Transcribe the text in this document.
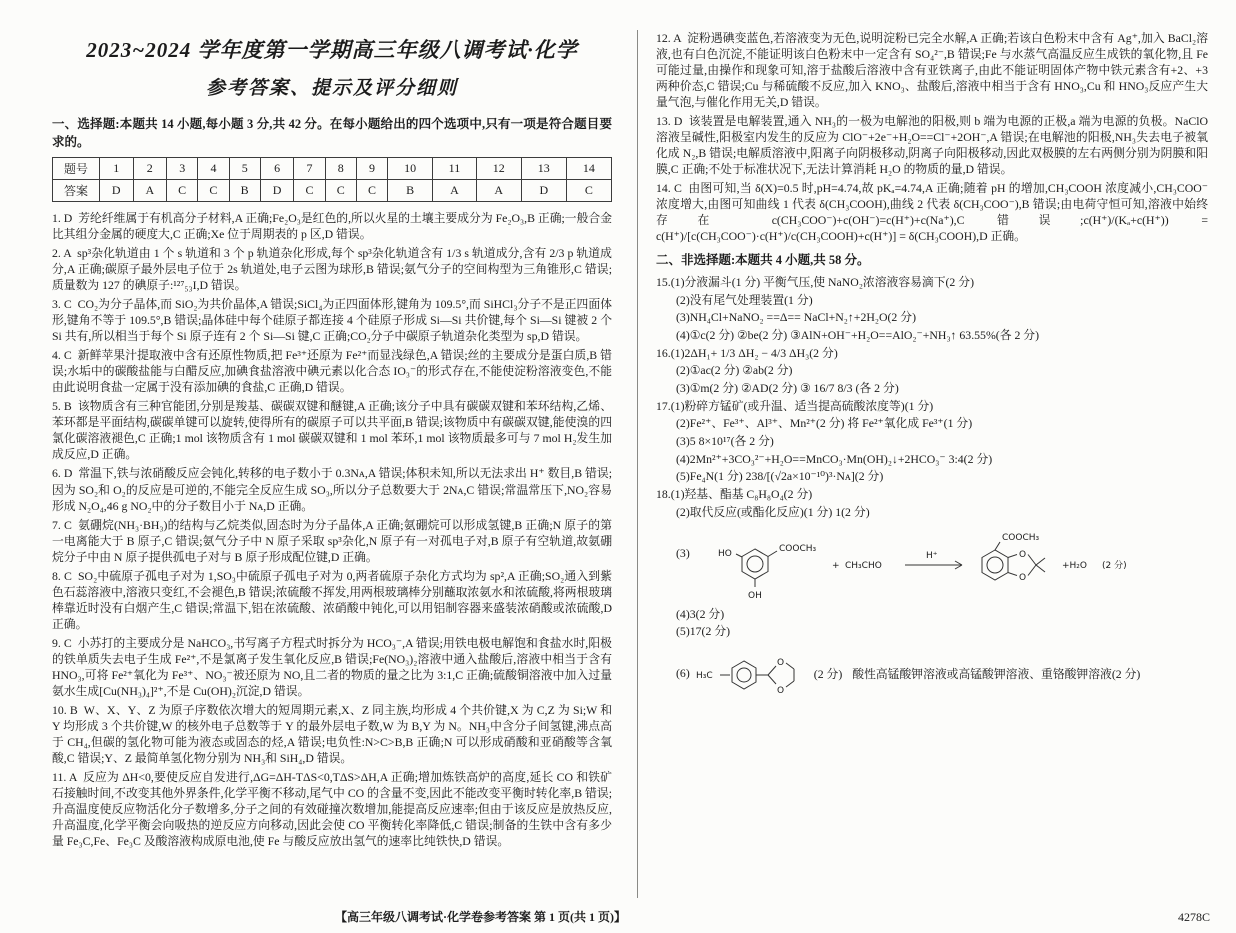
2023~2024 学年度第一学期高三年级八调考试·化学
参考答案、提示及评分细则

一、选择题:本题共 14 小题,每小题 3 分,共 42 分。在每小题给出的四个选项中,只有一项是符合题目要求的。

题号	1	2	3	4	5	6	7	8	9	10	11	12	13	14
答案	D	A	C	C	B	D	C	C	C	B	A	A	D	C

1. D  芳纶纤维属于有机高分子材料,A 正确;Fe₂O₃是红色的,所以火星的土壤主要成分为 Fe₂O₃,B 正确;一般合金比其组分金属的硬度大,C 正确;Xe 位于周期表的 p 区,D 错误。

2. A  sp³杂化轨道由 1 个 s 轨道和 3 个 p 轨道杂化形成,每个 sp³杂化轨道含有 1/3 s 轨道成分,含有 2/3 p 轨道成分,A 正确;碳原子最外层电子位于 2s 轨道处,电子云图为球形,B 错误;氨气分子的空间构型为三角锥形,C 错误;质量数为 127 的碘原子:¹²⁷₅₃I,D 错误。

3. C  CO₂为分子晶体,而 SiO₂为共价晶体,A 错误;SiCl₄为正四面体形,键角为 109.5°,而 SiHCl₃分子不是正四面体形,键角不等于 109.5°,B 错误;晶体硅中每个硅原子都连接 4 个硅原子形成 Si—Si 共价键,每个 Si—Si 键被 2 个 Si 共有,所以相当于每个 Si 原子连有 2 个 Si—Si 键,C 正确;CO₂分子中碳原子轨道杂化类型为 sp,D 错误。

4. C  新鲜苹果汁提取液中含有还原性物质,把 Fe³⁺还原为 Fe²⁺而显浅绿色,A 错误;丝的主要成分是蛋白质,B 错误;水垢中的碳酸盐能与白醋反应,加碘食盐溶液中碘元素以化合态 IO₃⁻的形式存在,不能使淀粉溶液变色,不能由此说明食盐一定属于没有添加碘的食盐,C 正确,D 错误。

5. B  该物质含有三种官能团,分别是羧基、碳碳双键和醚键,A 正确;该分子中具有碳碳双键和苯环结构,乙烯、苯环都是平面结构,碳碳单键可以旋转,使得所有的碳原子可以共平面,B 错误;该物质中有碳碳双键,能使溴的四氯化碳溶液褪色,C 正确;1 mol 该物质含有 1 mol 碳碳双键和 1 mol 苯环,1 mol 该物质最多可与 7 mol H₂发生加成反应,D 正确。

6. D  常温下,铁与浓硝酸反应会钝化,转移的电子数小于 0.3Nᴀ,A 错误;体积未知,所以无法求出 H⁺ 数目,B 错误;因为 SO₂和 O₂的反应是可逆的,不能完全反应生成 SO₃,所以分子总数要大于 2Nᴀ,C 错误;常温常压下,NO₂容易形成 N₂O₄,46 g NO₂中的分子数目小于 Nᴀ,D 正确。

7. C  氨硼烷(NH₃·BH₃)的结构与乙烷类似,固态时为分子晶体,A 正确;氨硼烷可以形成氢键,B 正确;N 原子的第一电离能大于 B 原子,C 错误;氨气分子中 N 原子采取 sp³杂化,N 原子有一对孤电子对,B 原子有空轨道,故氨硼烷分子中由 N 原子提供孤电子对与 B 原子形成配位键,D 正确。

8. C  SO₂中硫原子孤电子对为 1,SO₃中硫原子孤电子对为 0,两者硫原子杂化方式均为 sp²,A 正确;SO₂通入到紫色石蕊溶液中,溶液只变红,不会褪色,B 错误;浓硫酸不挥发,用两根玻璃棒分别蘸取浓氨水和浓硫酸,将两根玻璃棒靠近时没有白烟产生,C 错误;常温下,铝在浓硫酸、浓硝酸中钝化,可以用铝制容器来盛装浓硝酸或浓硫酸,D 正确。

9. C  小苏打的主要成分是 NaHCO₃,书写离子方程式时拆分为 HCO₃⁻,A 错误;用铁电极电解饱和食盐水时,阳极的铁单质失去电子生成 Fe²⁺,不是氯离子发生氧化反应,B 错误;Fe(NO₃)₂溶液中通入盐酸后,溶液中相当于含有 HNO₃,可将 Fe²⁺氧化为 Fe³⁺、NO₃⁻被还原为 NO,且二者的物质的量之比为 3:1,C 正确;硫酸铜溶液中加入过量氨水生成[Cu(NH₃)₄]²⁺,不是 Cu(OH)₂沉淀,D 错误。

10. B  W、X、Y、Z 为原子序数依次增大的短周期元素,X、Z 同主族,均形成 4 个共价键,X 为 C,Z 为 Si;W 和 Y 均形成 3 个共价键,W 的核外电子总数等于 Y 的最外层电子数,W 为 B,Y 为 N。NH₃中含分子间氢键,沸点高于 CH₄,但碳的氢化物可能为液态或固态的烃,A 错误;电负性:N>C>B,B 正确;N 可以形成硝酸和亚硝酸等含氧酸,C 错误;Y、Z 最简单氢化物分别为 NH₃和 SiH₄,D 错误。

11. A  反应为 ΔH<0,要使反应自发进行,ΔG=ΔH-TΔS<0,TΔS>ΔH,A 正确;增加炼铁高炉的高度,延长 CO 和铁矿石接触时间,不改变其他外界条件,化学平衡不移动,尾气中 CO 的含量不变,因此不能改变平衡时转化率,B 错误;升高温度使反应物活化分子数增多,分子之间的有效碰撞次数增加,能提高反应速率;但由于该反应是放热反应,升高温度,化学平衡会向吸热的逆反应方向移动,因此会使 CO 平衡转化率降低,C 错误;制备的生铁中含有多少量 Fe₃C,Fe、Fe₃C 及酸溶液构成原电池,使 Fe 与酸反应放出氢气的速率比纯铁快,D 错误。

12. A  淀粉遇碘变蓝色,若溶液变为无色,说明淀粉已完全水解,A 正确;若该白色粉末中含有 Ag⁺,加入 BaCl₂溶液,也有白色沉淀,不能证明该白色粉末中一定含有 SO₄²⁻,B 错误;Fe 与水蒸气高温反应生成铁的氧化物,且 Fe 可能过量,由操作和现象可知,溶于盐酸后溶液中含有亚铁离子,由此不能证明固体产物中铁元素含有+2、+3 两种价态,C 错误;Cu 与稀硫酸不反应,加入 KNO₃、盐酸后,溶液中相当于含有 HNO₃,Cu 和 HNO₃反应产生大量气泡,与催化作用无关,D 错误。

13. D  该装置是电解装置,通入 NH₃的一极为电解池的阳极,则 b 端为电源的正极,a 端为电源的负极。NaClO 溶液呈碱性,阳极室内发生的反应为 ClO⁻+2e⁻+H₂O==Cl⁻+2OH⁻,A 错误;在电解池的阳极,NH₃失去电子被氧化成 N₂,B 错误;电解质溶液中,阳离子向阴极移动,阴离子向阳极移动,因此双极膜的左右两侧分别为阴膜和阳膜,C 正确;不处于标准状况下,无法计算消耗 H₂O 的物质的量,D 错误。

14. C  由图可知,当 δ(X)=0.5 时,pH=4.74,故 pKₐ=4.74,A 正确;随着 pH 的增加,CH₃COOH 浓度减小,CH₃COO⁻浓度增大,由图可知曲线 1 代表 δ(CH₃COOH),曲线 2 代表 δ(CH₃COO⁻),B 错误;由电荷守恒可知,溶液中始终存在 c(CH₃COO⁻)+c(OH⁻)=c(H⁺)+c(Na⁺),C 错误;c(H⁺)/(Kₐ+c(H⁺)) = c(H⁺)/[c(CH₃COO⁻)·c(H⁺)/c(CH₃COOH)+c(H⁺)] = δ(CH₃COOH),D 正确。

二、非选择题:本题共 4 小题,共 58 分。

15.(1)分液漏斗(1 分) 平衡气压,使 NaNO₂浓溶液容易滴下(2 分)
(2)没有尾气处理装置(1 分)
(3)NH₄Cl+NaNO₂ ==Δ== NaCl+N₂↑+2H₂O(2 分)
(4)①c(2 分) ②be(2 分) ③AlN+OH⁻+H₂O==AlO₂⁻+NH₃↑ 63.55%(各 2 分)
16.(1)2ΔH₁+ 1/3 ΔH₂ − 4/3 ΔH₃(2 分)
(2)①ac(2 分) ②ab(2 分)
(3)①m(2 分) ②AD(2 分) ③ 16/7 8/3 (各 2 分)
17.(1)粉碎方锰矿(或升温、适当提高硫酸浓度等)(1 分)
(2)Fe²⁺、Fe³⁺、Al³⁺、Mn²⁺(2 分) 将 Fe²⁺氧化成 Fe³⁺(1 分)
(3)5 8×10¹⁷(各 2 分)
(4)2Mn²⁺+3CO₃²⁻+H₂O==MnCO₃·Mn(OH)₂↓+2HCO₃⁻ 3:4(2 分)
(5)Fe₄N(1 分) 238/[(√2a×10⁻¹⁰)³·Nᴀ](2 分)
18.(1)羟基、酯基 C₈H₈O₄(2 分)
(2)取代反应(或酯化反应)(1 分) 1(2 分)
(3)	HO
OH
COOCH₃
+ CH₃CHO
H⁺
COOCH₃
O
O
+H₂O (2 分)
(4)3(2 分)
(5)17(2 分)
(6) H₃C
O
O
(2 分) 酸性高锰酸钾溶液或高锰酸钾溶液、重铬酸钾溶液(2 分)
【高三年级八调考试·化学卷参考答案 第 1 页(共 1 页)】	4278C
